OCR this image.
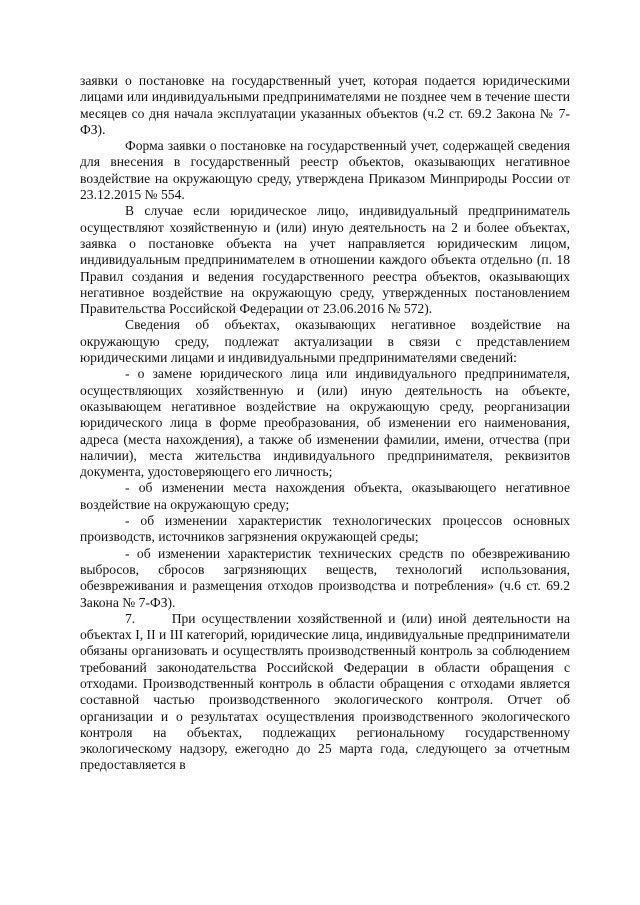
заявки о постановке на государственный учет, которая подается юридическими лицами или индивидуальными предпринимателями не позднее чем в течение шести месяцев со дня начала эксплуатации указанных объектов (ч.2 ст. 69.2 Закона № 7-ФЗ).

Форма заявки о постановке на государственный учет, содержащей сведения для внесения в государственный реестр объектов, оказывающих негативное воздействие на окружающую среду, утверждена Приказом Минприроды России от 23.12.2015 № 554.

В случае если юридическое лицо, индивидуальный предприниматель осуществляют хозяйственную и (или) иную деятельность на 2 и более объектах, заявка о постановке объекта на учет направляется юридическим лицом, индивидуальным предпринимателем в отношении каждого объекта отдельно (п. 18 Правил создания и ведения государственного реестра объектов, оказывающих негативное воздействие на окружающую среду, утвержденных постановлением Правительства Российской Федерации от 23.06.2016 № 572).

Сведения об объектах, оказывающих негативное воздействие на окружающую среду, подлежат актуализации в связи с представлением юридическими лицами и индивидуальными предпринимателями сведений:

- о замене юридического лица или индивидуального предпринимателя, осуществляющих хозяйственную и (или) иную деятельность на объекте, оказывающем негативное воздействие на окружающую среду, реорганизации юридического лица в форме преобразования, об изменении его наименования, адреса (места нахождения), а также об изменении фамилии, имени, отчества (при наличии), места жительства индивидуального предпринимателя, реквизитов документа, удостоверяющего его личность;

- об изменении места нахождения объекта, оказывающего негативное воздействие на окружающую среду;

- об изменении характеристик технологических процессов основных производств, источников загрязнения окружающей среды;

- об изменении характеристик технических средств по обезвреживанию выбросов, сбросов загрязняющих веществ, технологий использования, обезвреживания и размещения отходов производства и потребления» (ч.6 ст. 69.2 Закона № 7-ФЗ).

7.      При осуществлении хозяйственной и (или) иной деятельности на объектах I, II и III категорий, юридические лица, индивидуальные предприниматели обязаны организовать и осуществлять производственный контроль за соблюдением требований законодательства Российской Федерации в области обращения с отходами. Производственный контроль в области обращения с отходами является составной частью производственного экологического контроля. Отчет об организации и о результатах осуществления производственного экологического контроля на объектах, подлежащих региональному государственному экологическому надзору, ежегодно до 25 марта года, следующего за отчетным предоставляется в
